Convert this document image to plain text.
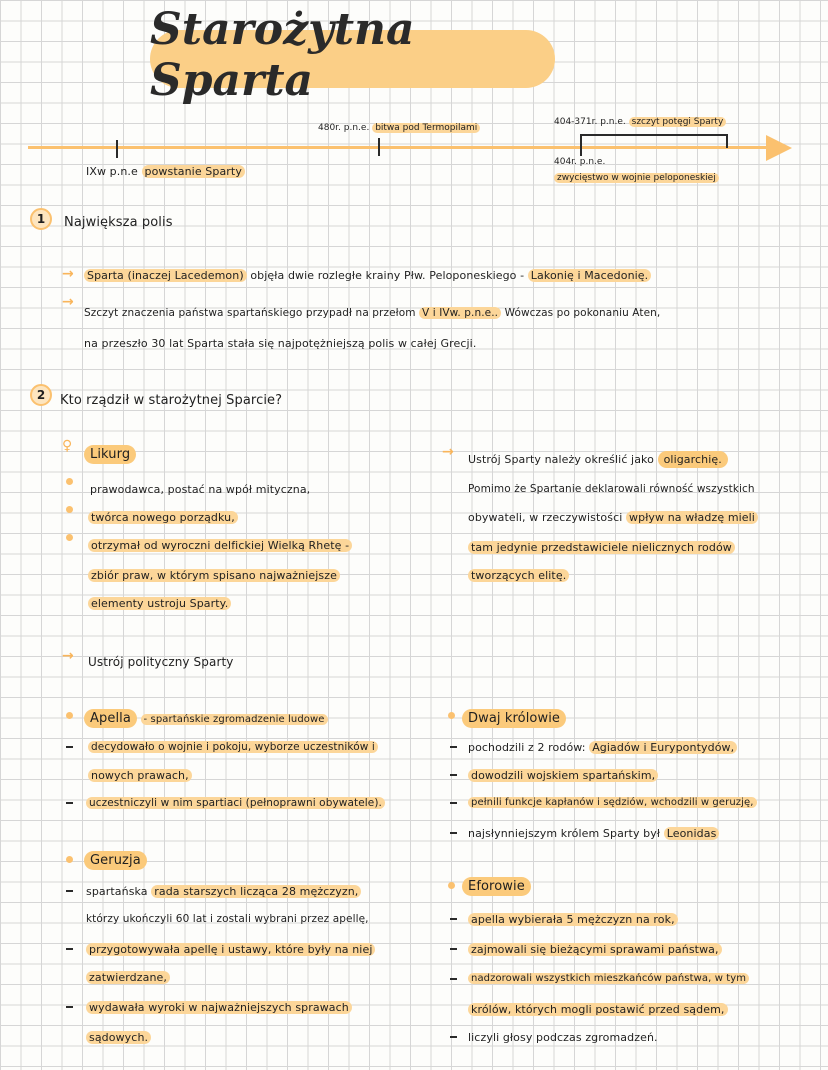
Starożytna Sparta
IXw p.n.e powstanie Sparty
480r. p.n.e. bitwa pod Termopilami
404-371r. p.n.e. szczyt potęgi Sparty
404r. p.n.e.
zwycięstwo w wojnie peloponeskiej
1	Największa polis
→ Sparta (inaczej Lacedemon) objęła dwie rozległe krainy Płw. Peloponeskiego - Lakonię i Macedonię.
→
Szczyt znaczenia państwa spartańskiego przypadł na przełom V i IVw. p.n.e.. Wówczas po pokonaniu Aten,
na przeszło 30 lat Sparta stała się najpotężniejszą polis w całej Grecji.
2	Kto rządził w starożytnej Sparcie?
♀
Likurg
prawodawca, postać na wpół mityczna,
twórca nowego porządku,
otrzymał od wyroczni delfickiej Wielką Rhetę -
zbiór praw, w którym spisano najważniejsze
elementy ustroju Sparty.
→ Ustrój Sparty należy określić jako oligarchię.
Pomimo że Spartanie deklarowali równość wszystkich
obywateli, w rzeczywistości wpływ na władzę mieli
tam jedynie przedstawiciele nielicznych rodów
tworzących elitę.
→ Ustrój polityczny Sparty
Apella - spartańskie zgromadzenie ludowe
decydowało o wojnie i pokoju, wyborze uczestników i
nowych prawach,
uczestniczyli w nim spartiaci (pełnoprawni obywatele).
Dwaj królowie
pochodzili z 2 rodów: Agiadów i Eurypontydów,
dowodzili wojskiem spartańskim,
pełnili funkcje kapłanów i sędziów, wchodzili w geruzję,
najsłynniejszym królem Sparty był Leonidas
Geruzja
spartańska rada starszych licząca 28 mężczyzn,
którzy ukończyli 60 lat i zostali wybrani przez apellę,
przygotowywała apellę i ustawy, które były na niej
zatwierdzane,
wydawała wyroki w najważniejszych sprawach
sądowych.
Eforowie
apella wybierała 5 mężczyzn na rok,
zajmowali się bieżącymi sprawami państwa,
nadzorowali wszystkich mieszkańców państwa, w tym
królów, których mogli postawić przed sądem,
liczyli głosy podczas zgromadzeń.
